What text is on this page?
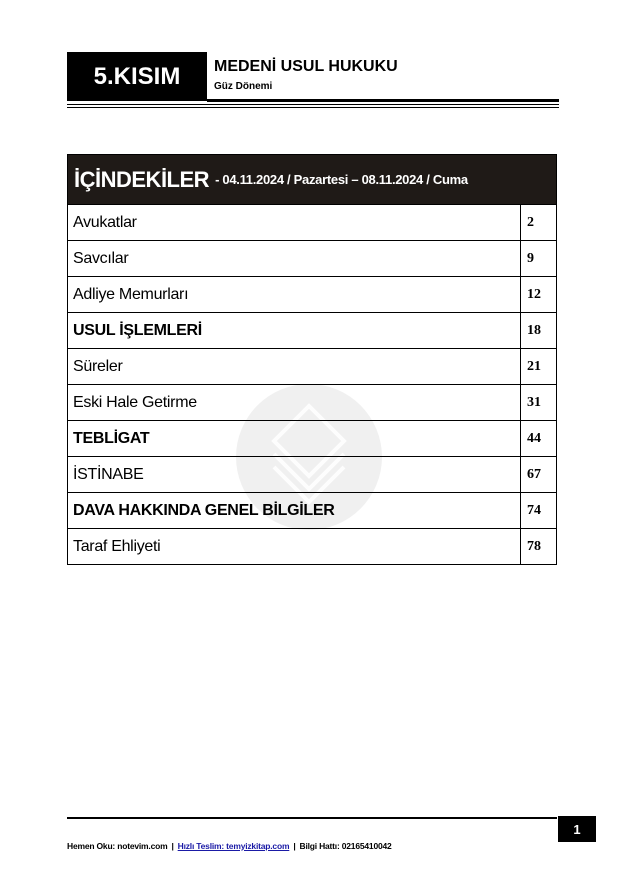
5.KISIM MEDENİ USUL HUKUKU
Güz Dönemi
İÇİNDEKİLER - 04.11.2024 / Pazartesi – 08.11.2024 / Cuma
Avukatlar	2
Savcılar	9
Adliye Memurları	12
USUL İŞLEMLERİ	18
Süreler	21
Eski Hale Getirme	31
TEBLİGAT	44
İSTİNABE	67
DAVA HAKKINDA GENEL BİLGİLER	74
Taraf Ehliyeti	78
1
Hemen Oku: notevim.com | Hızlı Teslim: temyizkitap.com | Bilgi Hattı: 02165410042
